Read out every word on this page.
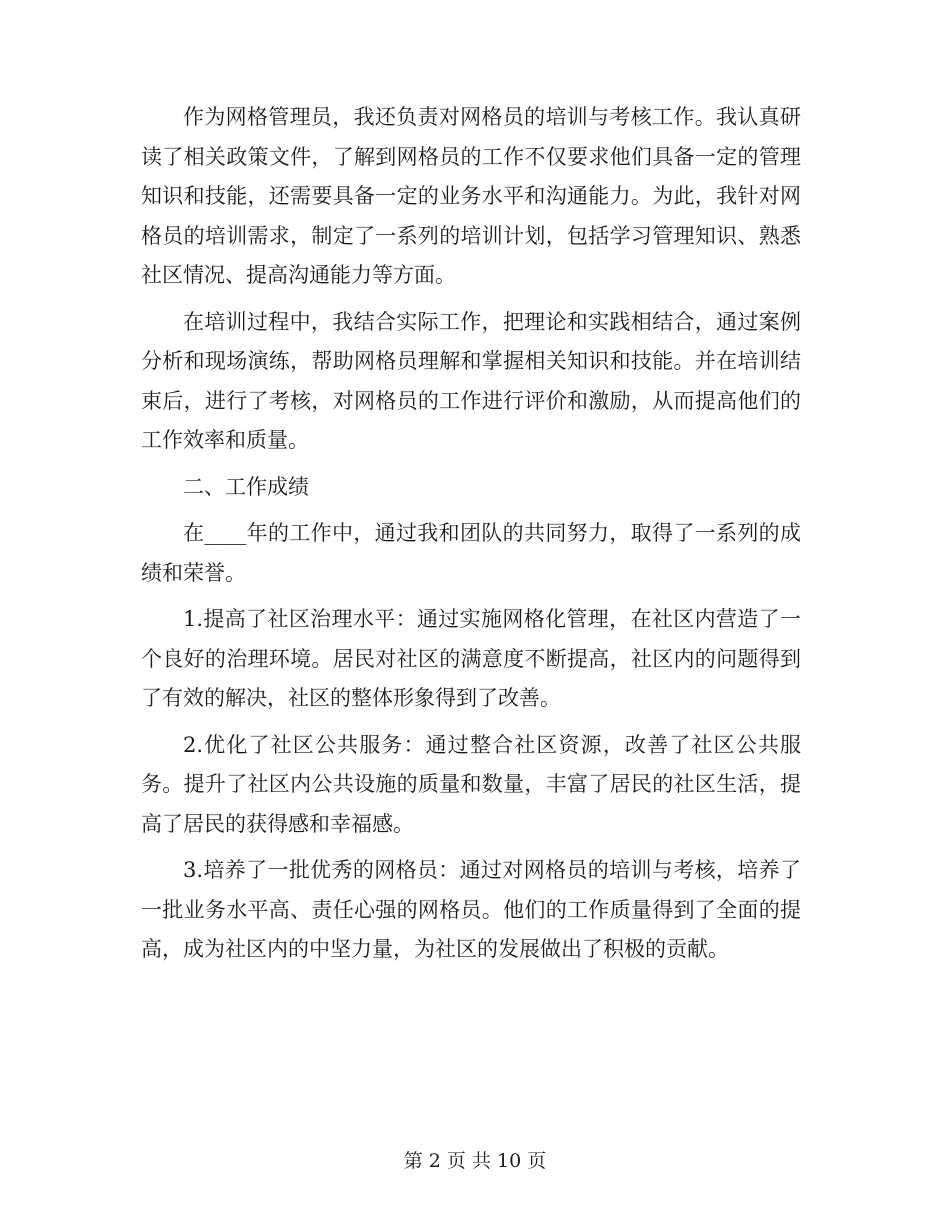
作为网格管理员，我还负责对网格员的培训与考核工作。我认真研读了相关政策文件，了解到网格员的工作不仅要求他们具备一定的管理知识和技能，还需要具备一定的业务水平和沟通能力。为此，我针对网格员的培训需求，制定了一系列的培训计划，包括学习管理知识、熟悉社区情况、提高沟通能力等方面。

在培训过程中，我结合实际工作，把理论和实践相结合，通过案例分析和现场演练，帮助网格员理解和掌握相关知识和技能。并在培训结束后，进行了考核，对网格员的工作进行评价和激励，从而提高他们的工作效率和质量。

二、工作成绩

在____年的工作中，通过我和团队的共同努力，取得了一系列的成绩和荣誉。

1.提高了社区治理水平：通过实施网格化管理，在社区内营造了一个良好的治理环境。居民对社区的满意度不断提高，社区内的问题得到了有效的解决，社区的整体形象得到了改善。

2.优化了社区公共服务：通过整合社区资源，改善了社区公共服务。提升了社区内公共设施的质量和数量，丰富了居民的社区生活，提高了居民的获得感和幸福感。

3.培养了一批优秀的网格员：通过对网格员的培训与考核，培养了一批业务水平高、责任心强的网格员。他们的工作质量得到了全面的提高，成为社区内的中坚力量，为社区的发展做出了积极的贡献。

第 2 页 共 10 页
